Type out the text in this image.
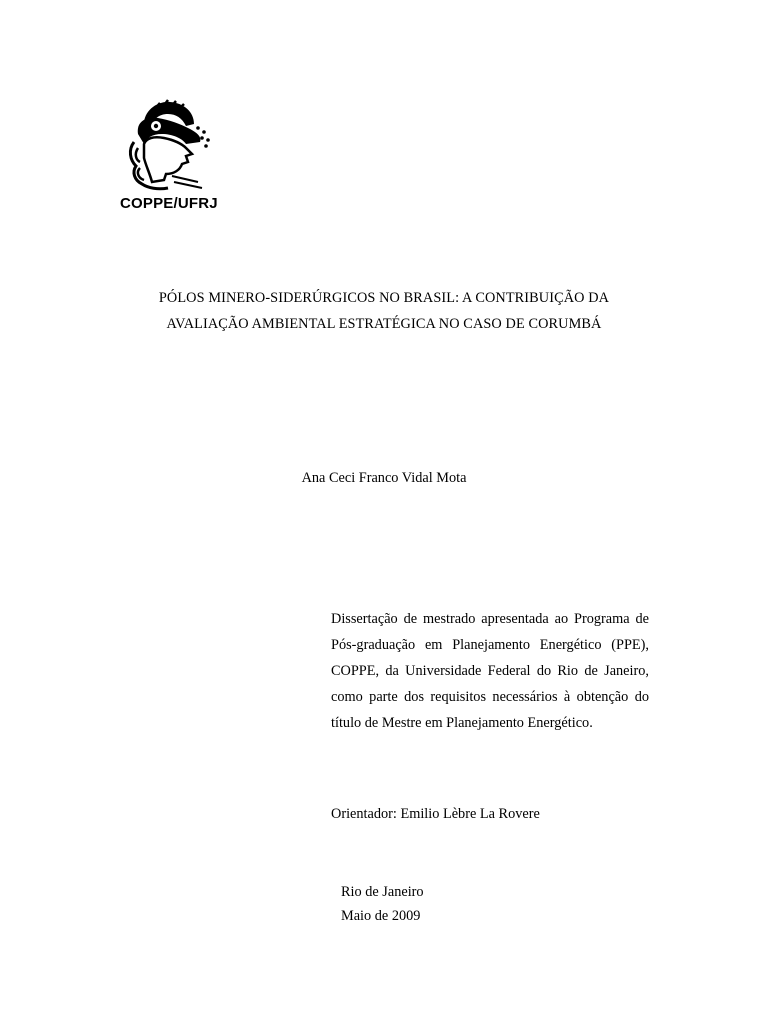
COPPE/UFRJ
PÓLOS MINERO-SIDERÚRGICOS NO BRASIL: A CONTRIBUIÇÃO DA
AVALIAÇÃO AMBIENTAL ESTRATÉGICA NO CASO DE CORUMBÁ
Ana Ceci Franco Vidal Mota
Dissertação de mestrado apresentada ao Programa de Pós-graduação em Planejamento Energético (PPE), COPPE, da Universidade Federal do Rio de Janeiro, como parte dos requisitos necessários à obtenção do título de Mestre em Planejamento Energético.
Orientador: Emilio Lèbre La Rovere
Rio de Janeiro
Maio de 2009
